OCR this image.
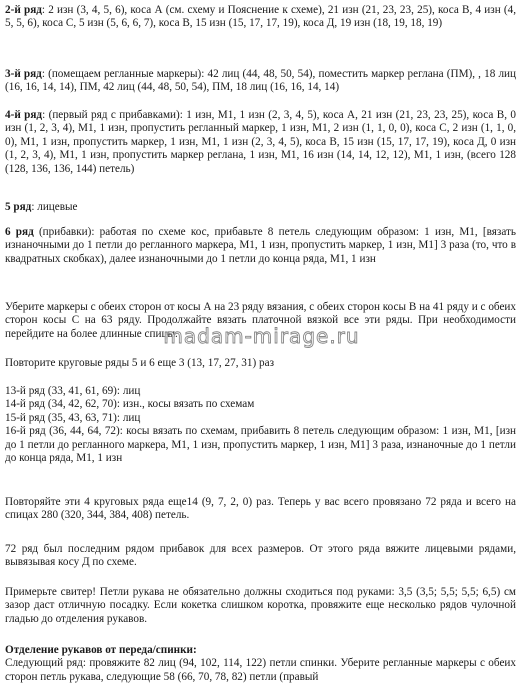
2-й ряд: 2 изн (3, 4, 5, 6), коса А (см. схему и Пояснение к схеме), 21 изн (21, 23, 23, 25), коса В, 4 изн (4, 5, 5, 6), коса С, 5 изн (5, 6, 6, 7), коса В, 15 изн (15, 17, 17, 19), коса Д, 19 изн (18, 19, 18, 19)

3-й ряд: (помещаем регланные маркеры): 42 лиц (44, 48, 50, 54), поместить маркер реглана (ПМ), , 18 лиц (16, 16, 14, 14), ПМ, 42 лиц (44, 48, 50, 54), ПМ, 18 лиц (16, 16, 14, 14)

4-й ряд: (первый ряд с прибавками): 1 изн, М1, 1 изн (2, 3, 4, 5), коса А, 21 изн (21, 23, 23, 25), коса В, 0 изн (1, 2, 3, 4), М1, 1 изн, пропустить регланный маркер, 1 изн, М1, 2 изн (1, 1, 0, 0), коса С, 2 изн (1, 1, 0, 0), М1, 1 изн, пропустить маркер, 1 изн, М1, 1 изн (2, 3, 4, 5), коса В, 15 изн (15, 17, 17, 19), коса Д, 0 изн (1, 2, 3, 4), М1, 1 изн, пропустить маркер реглана, 1 изн, М1, 16 изн (14, 14, 12, 12), М1, 1 изн, (всего 128 (128, 136, 136, 144) петель)

5 ряд: лицевые

6 ряд (прибавки): работая по схеме кос, прибавьте 8 петель следующим образом: 1 изн, М1, [вязать изнаночными до 1 петли до регланного маркера, М1, 1 изн, пропустить маркер, 1 изн, М1] 3 раза (то, что в квадратных скобках), далее изнаночными до 1 петли до конца ряда, М1, 1 изн

Уберите маркеры с обеих сторон от косы А на 23 ряду вязания, с обеих сторон косы В на 41 ряду и с обеих сторон косы С на 63 ряду. Продолжайте вязать платочной вязкой все эти ряды. При необходимости перейдите на более длинные спицы.

Повторите круговые ряды 5 и 6 еще 3 (13, 17, 27, 31) раз

13-й ряд (33, 41, 61, 69): лиц
14-й ряд (34, 42, 62, 70): изн., косы вязать по схемам
15-й ряд (35, 43, 63, 71): лиц
16-й ряд (36, 44, 64, 72): косы вязать по схемам, прибавить 8 петель следующим образом: 1 изн, М1, [изн до 1 петли до регланного маркера, М1, 1 изн, пропустить маркер, 1 изн, М1] 3 раза, изнаночные до 1 петли до конца ряда, М1, 1 изн

Повторяйте эти 4 круговых ряда еще14 (9, 7, 2, 0) раз. Теперь у вас всего провязано 72 ряда и всего на спицах 280 (320, 344, 384, 408) петель.

72 ряд был последним рядом прибавок для всех размеров. От этого ряда вяжите лицевыми рядами, вывязывая косу Д по схеме.

Примерьте свитер! Петли рукава не обязательно должны сходиться под руками: 3,5 (3,5; 5,5; 5,5; 6,5) см зазор даст отличную посадку. Если кокетка слишком коротка, провяжите еще несколько рядов чулочной гладью до отделения рукавов.

Отделение рукавов от переда/спинки:
Следующий ряд: провяжите 82 лиц (94, 102, 114, 122) петли спинки. Уберите регланные маркеры с обеих сторон петль рукава, следующие 58 (66, 70, 78, 82) петли (правый

madam-mirage.ru
